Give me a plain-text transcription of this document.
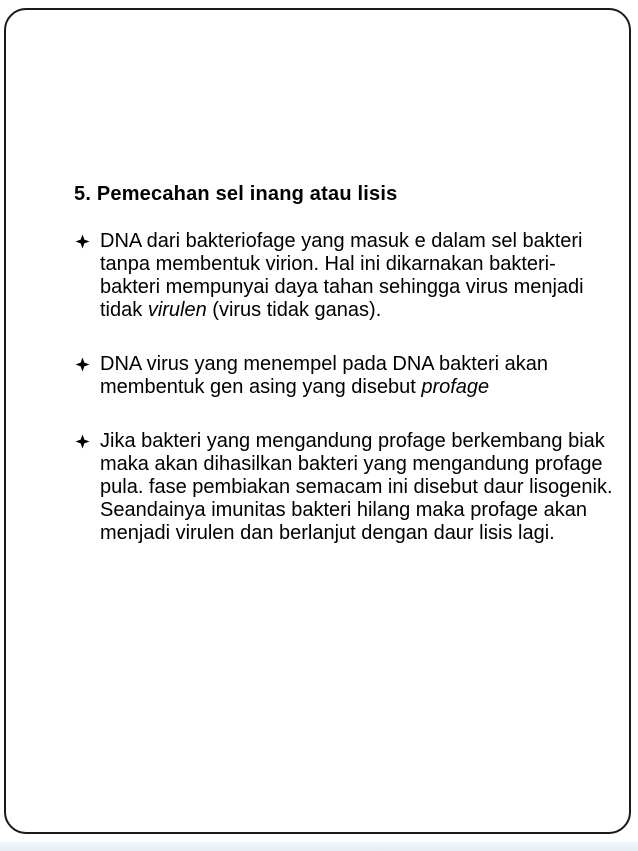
5. Pemecahan sel inang atau lisis
DNA dari bakteriofage yang masuk e dalam sel bakteri tanpa membentuk virion. Hal ini dikarnakan bakteri-bakteri mempunyai daya tahan sehingga virus menjadi tidak virulen (virus tidak ganas).
DNA virus yang menempel pada DNA bakteri akan membentuk gen asing yang disebut profage
Jika bakteri yang mengandung profage berkembang biak maka akan dihasilkan bakteri yang mengandung profage pula. fase pembiakan semacam ini disebut daur lisogenik. Seandainya imunitas bakteri hilang maka profage akan menjadi virulen dan berlanjut dengan daur lisis lagi.
